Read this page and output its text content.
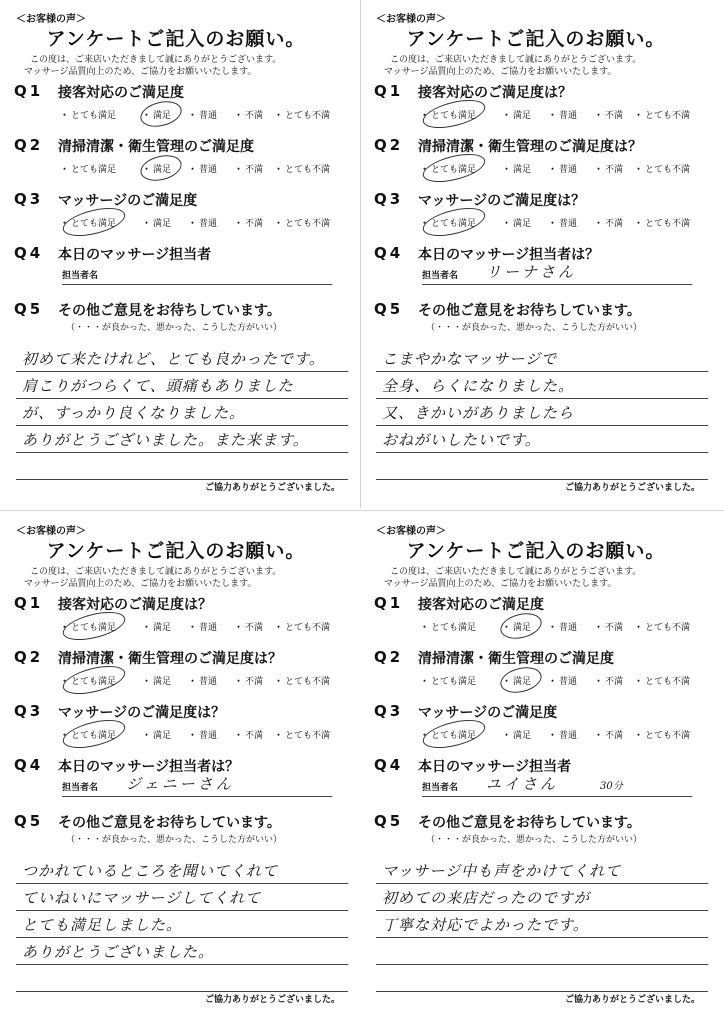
＜お客様の声＞
アンケートご記入のお願い。
この度は、ご来店いただきまして誠にありがとうございます。
マッサージ品質向上のため、ご協力をお願いいたします。
Q1 接客対応のご満足度
・ とても満足	・ 満足 ・ 普通 ・ 不満 ・ とても不満
Q2 清掃清潔・衛生管理のご満足度
・ とても満足	・ 満足 ・ 普通 ・ 不満 ・ とても不満
Q3 マッサージのご満足度
・ とても満足	・ 満足 ・ 普通 ・ 不満 ・ とても不満
Q4 本日のマッサージ担当者
担当者名
Q5 その他ご意見をお待ちしています。
（・・・が良かった、悪かった、こうした方がいい）
初めて来たけれど、とても良かったです。
肩こりがつらくて、頭痛もありました
が、すっかり良くなりました。
ありがとうございました。また来ます。
ご協力ありがとうございました。
＜お客様の声＞
アンケートご記入のお願い。
この度は、ご来店いただきまして誠にありがとうございます。
マッサージ品質向上のため、ご協力をお願いいたします。
Q1 接客対応のご満足度は？
・ とても満足	・ 満足 ・ 普通 ・ 不満 ・ とても不満
Q2 清掃清潔・衛生管理のご満足度は？
・ とても満足	・ 満足 ・ 普通 ・ 不満 ・ とても不満
Q3 マッサージのご満足度は？
・ とても満足	・ 満足 ・ 普通 ・ 不満 ・ とても不満
Q4 本日のマッサージ担当者は？
担当者名 リーナさん
Q5 その他ご意見をお待ちしています。
（・・・が良かった、悪かった、こうした方がいい）
こまやかなマッサージで
全身、らくになりました。
又、きかいがありましたら
おねがいしたいです。
ご協力ありがとうございました。
＜お客様の声＞
アンケートご記入のお願い。
この度は、ご来店いただきまして誠にありがとうございます。
マッサージ品質向上のため、ご協力をお願いいたします。
Q1 接客対応のご満足度は？
・ とても満足	・ 満足 ・ 普通 ・ 不満 ・ とても不満
Q2 清掃清潔・衛生管理のご満足度は？
・ とても満足	・ 満足 ・ 普通 ・ 不満 ・ とても不満
Q3 マッサージのご満足度は？
・ とても満足	・ 満足 ・ 普通 ・ 不満 ・ とても不満
Q4 本日のマッサージ担当者は？
担当者名 ジェニーさん
Q5 その他ご意見をお待ちしています。
（・・・が良かった、悪かった、こうした方がいい）
つかれているところを聞いてくれて
ていねいにマッサージしてくれて
とても満足しました。
ありがとうございました。
ご協力ありがとうございました。
＜お客様の声＞
アンケートご記入のお願い。
この度は、ご来店いただきまして誠にありがとうございます。
マッサージ品質向上のため、ご協力をお願いいたします。
Q1 接客対応のご満足度
・ とても満足	・ 満足 ・ 普通 ・ 不満 ・ とても不満
Q2 清掃清潔・衛生管理のご満足度
・ とても満足	・ 満足 ・ 普通 ・ 不満 ・ とても不満
Q3 マッサージのご満足度
・ とても満足	・ 満足 ・ 普通 ・ 不満 ・ とても不満
Q4 本日のマッサージ担当者
担当者名 ユイさん	30分
Q5 その他ご意見をお待ちしています。
（・・・が良かった、悪かった、こうした方がいい）
マッサージ中も声をかけてくれて
初めての来店だったのですが
丁寧な対応でよかったです。
ご協力ありがとうございました。
